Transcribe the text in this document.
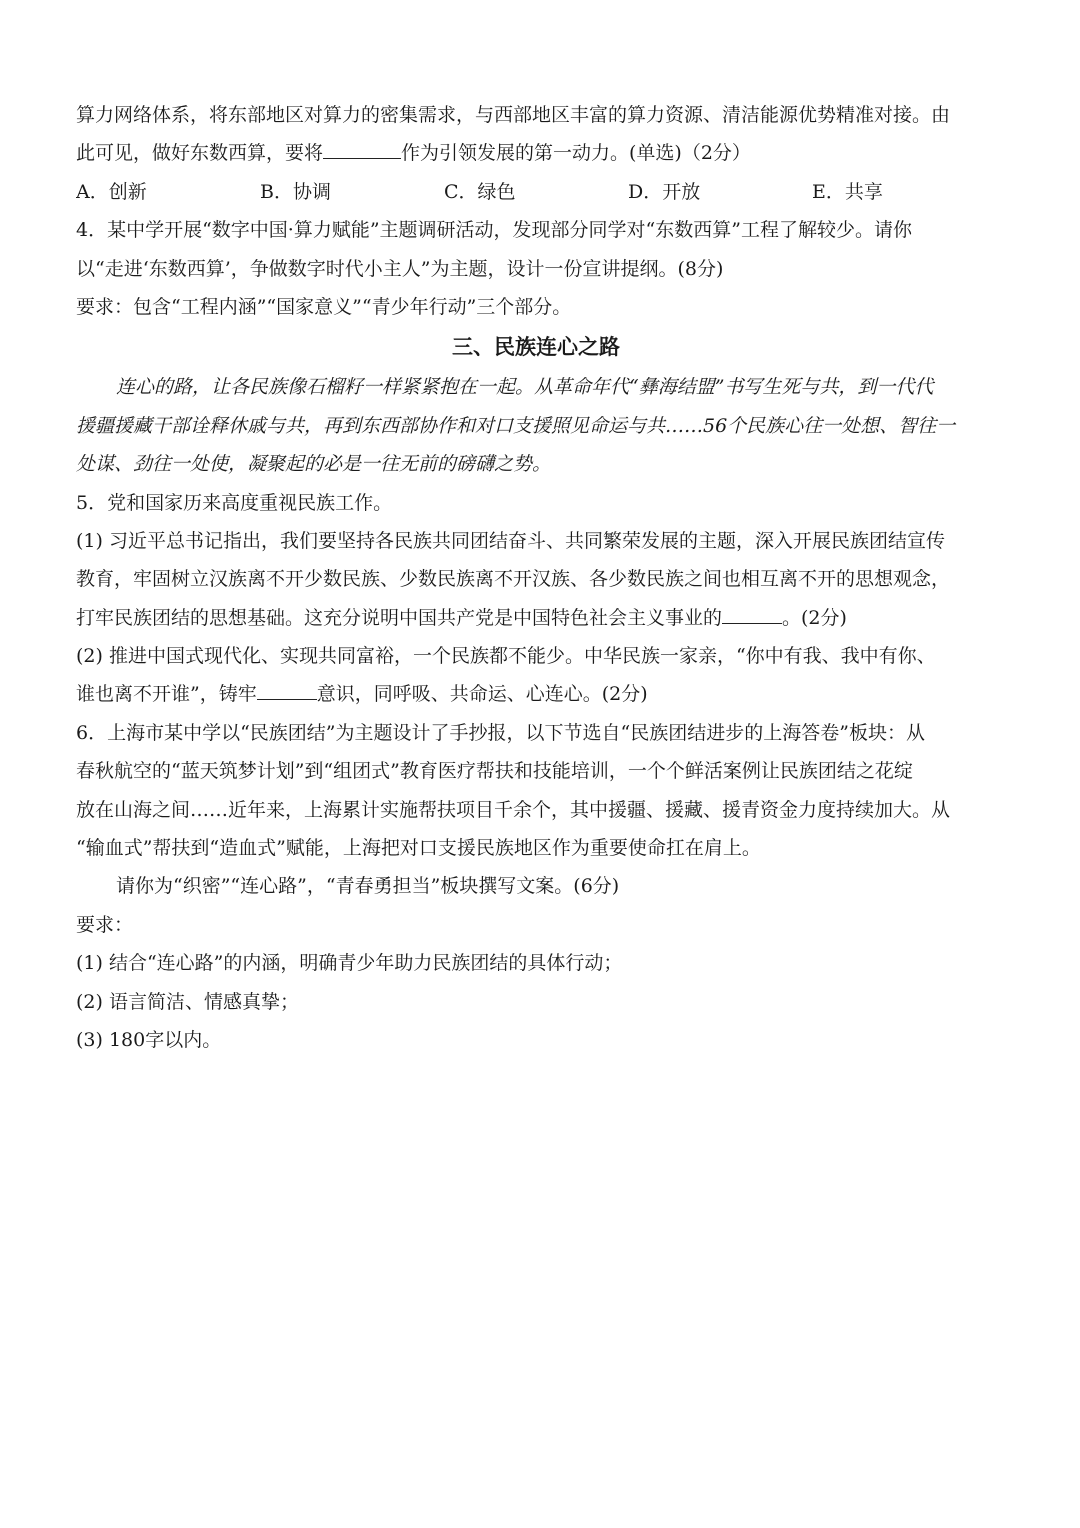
算力网络体系，将东部地区对算力的密集需求，与西部地区丰富的算力资源、清洁能源优势精准对接。由
此可见，做好东数西算，要将	作为引领发展的第一动力。(单选)（2分）
A．创新	B．协调	C．绿色	D．开放	E．共享
4．某中学开展“数字中国·算力赋能”主题调研活动，发现部分同学对“东数西算”工程了解较少。请你
以“走进‘东数西算’，争做数字时代小主人”为主题，设计一份宣讲提纲。(8分)
要求：包含“工程内涵”“国家意义”“青少年行动”三个部分。
三、民族连心之路
连心的路，让各民族像石榴籽一样紧紧抱在一起。从革命年代“彝海结盟”书写生死与共，到一代代
援疆援藏干部诠释休戚与共，再到东西部协作和对口支援照见命运与共……56个民族心往一处想、智往一
处谋、劲往一处使，凝聚起的必是一往无前的磅礴之势。
5．党和国家历来高度重视民族工作。
(1) 习近平总书记指出，我们要坚持各民族共同团结奋斗、共同繁荣发展的主题，深入开展民族团结宣传
教育，牢固树立汉族离不开少数民族、少数民族离不开汉族、各少数民族之间也相互离不开的思想观念，
打牢民族团结的思想基础。这充分说明中国共产党是中国特色社会主义事业的	。(2分)
(2) 推进中国式现代化、实现共同富裕，一个民族都不能少。中华民族一家亲，“你中有我、我中有你、
谁也离不开谁”，铸牢	意识，同呼吸、共命运、心连心。(2分)
6．上海市某中学以“民族团结”为主题设计了手抄报，以下节选自“民族团结进步的上海答卷”板块：从
春秋航空的“蓝天筑梦计划”到“组团式”教育医疗帮扶和技能培训，一个个鲜活案例让民族团结之花绽
放在山海之间……近年来，上海累计实施帮扶项目千余个，其中援疆、援藏、援青资金力度持续加大。从
“输血式”帮扶到“造血式”赋能，上海把对口支援民族地区作为重要使命扛在肩上。
请你为“织密”“连心路”，“青春勇担当”板块撰写文案。(6分)
要求：
(1) 结合“连心路”的内涵，明确青少年助力民族团结的具体行动；
(2) 语言简洁、情感真挚；
(3) 180字以内。
